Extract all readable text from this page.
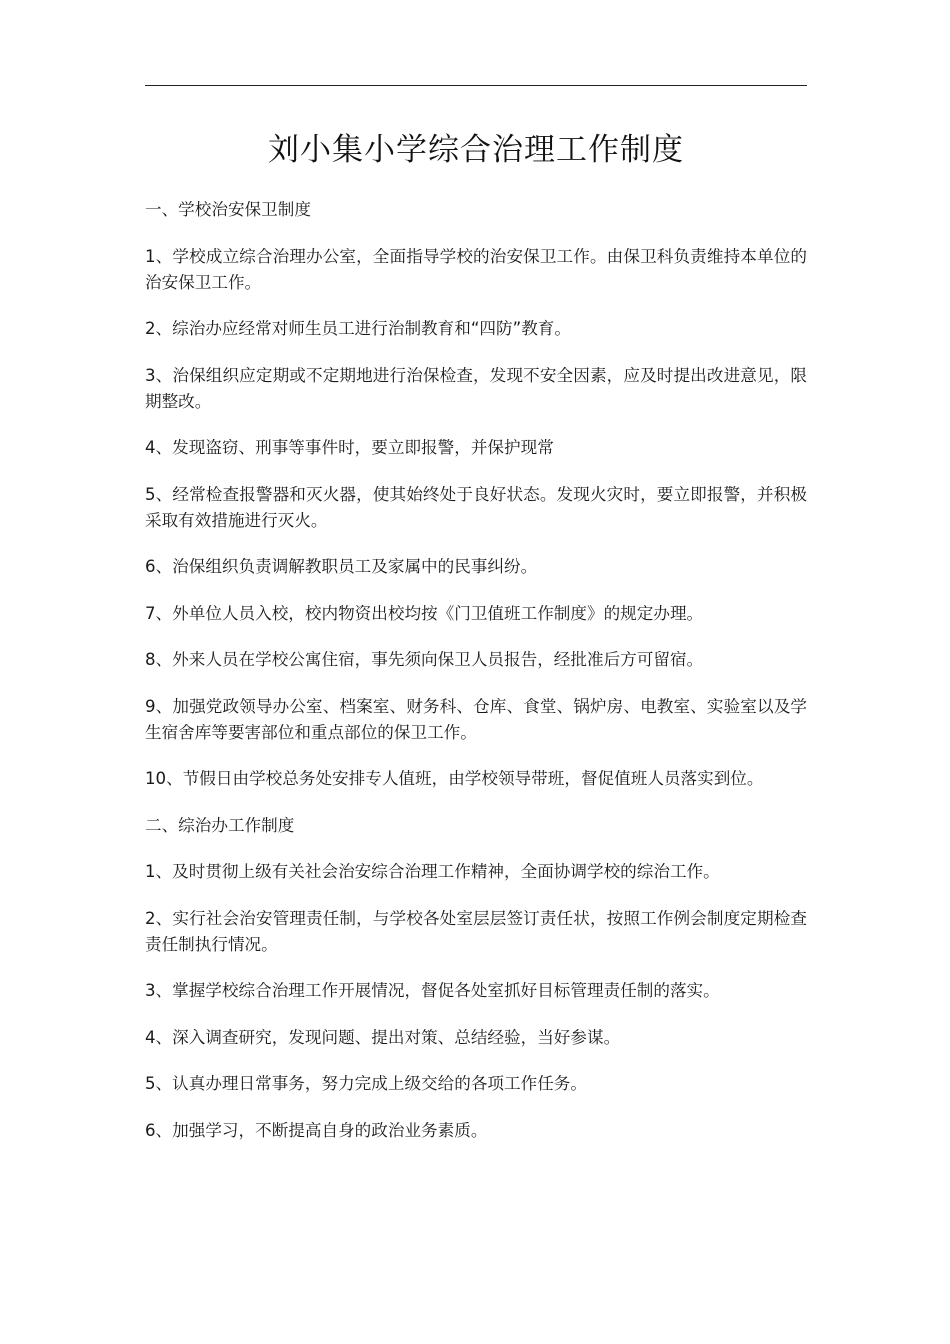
刘小集小学综合治理工作制度
一、学校治安保卫制度

1、学校成立综合治理办公室，全面指导学校的治安保卫工作。由保卫科负责维持本单位的治安保卫工作。

2、综治办应经常对师生员工进行治制教育和“四防”教育。

3、治保组织应定期或不定期地进行治保检查，发现不安全因素，应及时提出改进意见，限期整改。

4、发现盗窃、刑事等事件时，要立即报警，并保护现常

5、经常检查报警器和灭火器，使其始终处于良好状态。发现火灾时，要立即报警，并积极采取有效措施进行灭火。

6、治保组织负责调解教职员工及家属中的民事纠纷。

7、外单位人员入校，校内物资出校均按《门卫值班工作制度》的规定办理。

8、外来人员在学校公寓住宿，事先须向保卫人员报告，经批准后方可留宿。

9、加强党政领导办公室、档案室、财务科、仓库、食堂、锅炉房、电教室、实验室以及学生宿舍库等要害部位和重点部位的保卫工作。

10、节假日由学校总务处安排专人值班，由学校领导带班，督促值班人员落实到位。

二、综治办工作制度

1、及时贯彻上级有关社会治安综合治理工作精神，全面协调学校的综治工作。

2、实行社会治安管理责任制，与学校各处室层层签订责任状，按照工作例会制度定期检查责任制执行情况。

3、掌握学校综合治理工作开展情况，督促各处室抓好目标管理责任制的落实。

4、深入调查研究，发现问题、提出对策、总结经验，当好参谋。

5、认真办理日常事务，努力完成上级交给的各项工作任务。

6、加强学习，不断提高自身的政治业务素质。
